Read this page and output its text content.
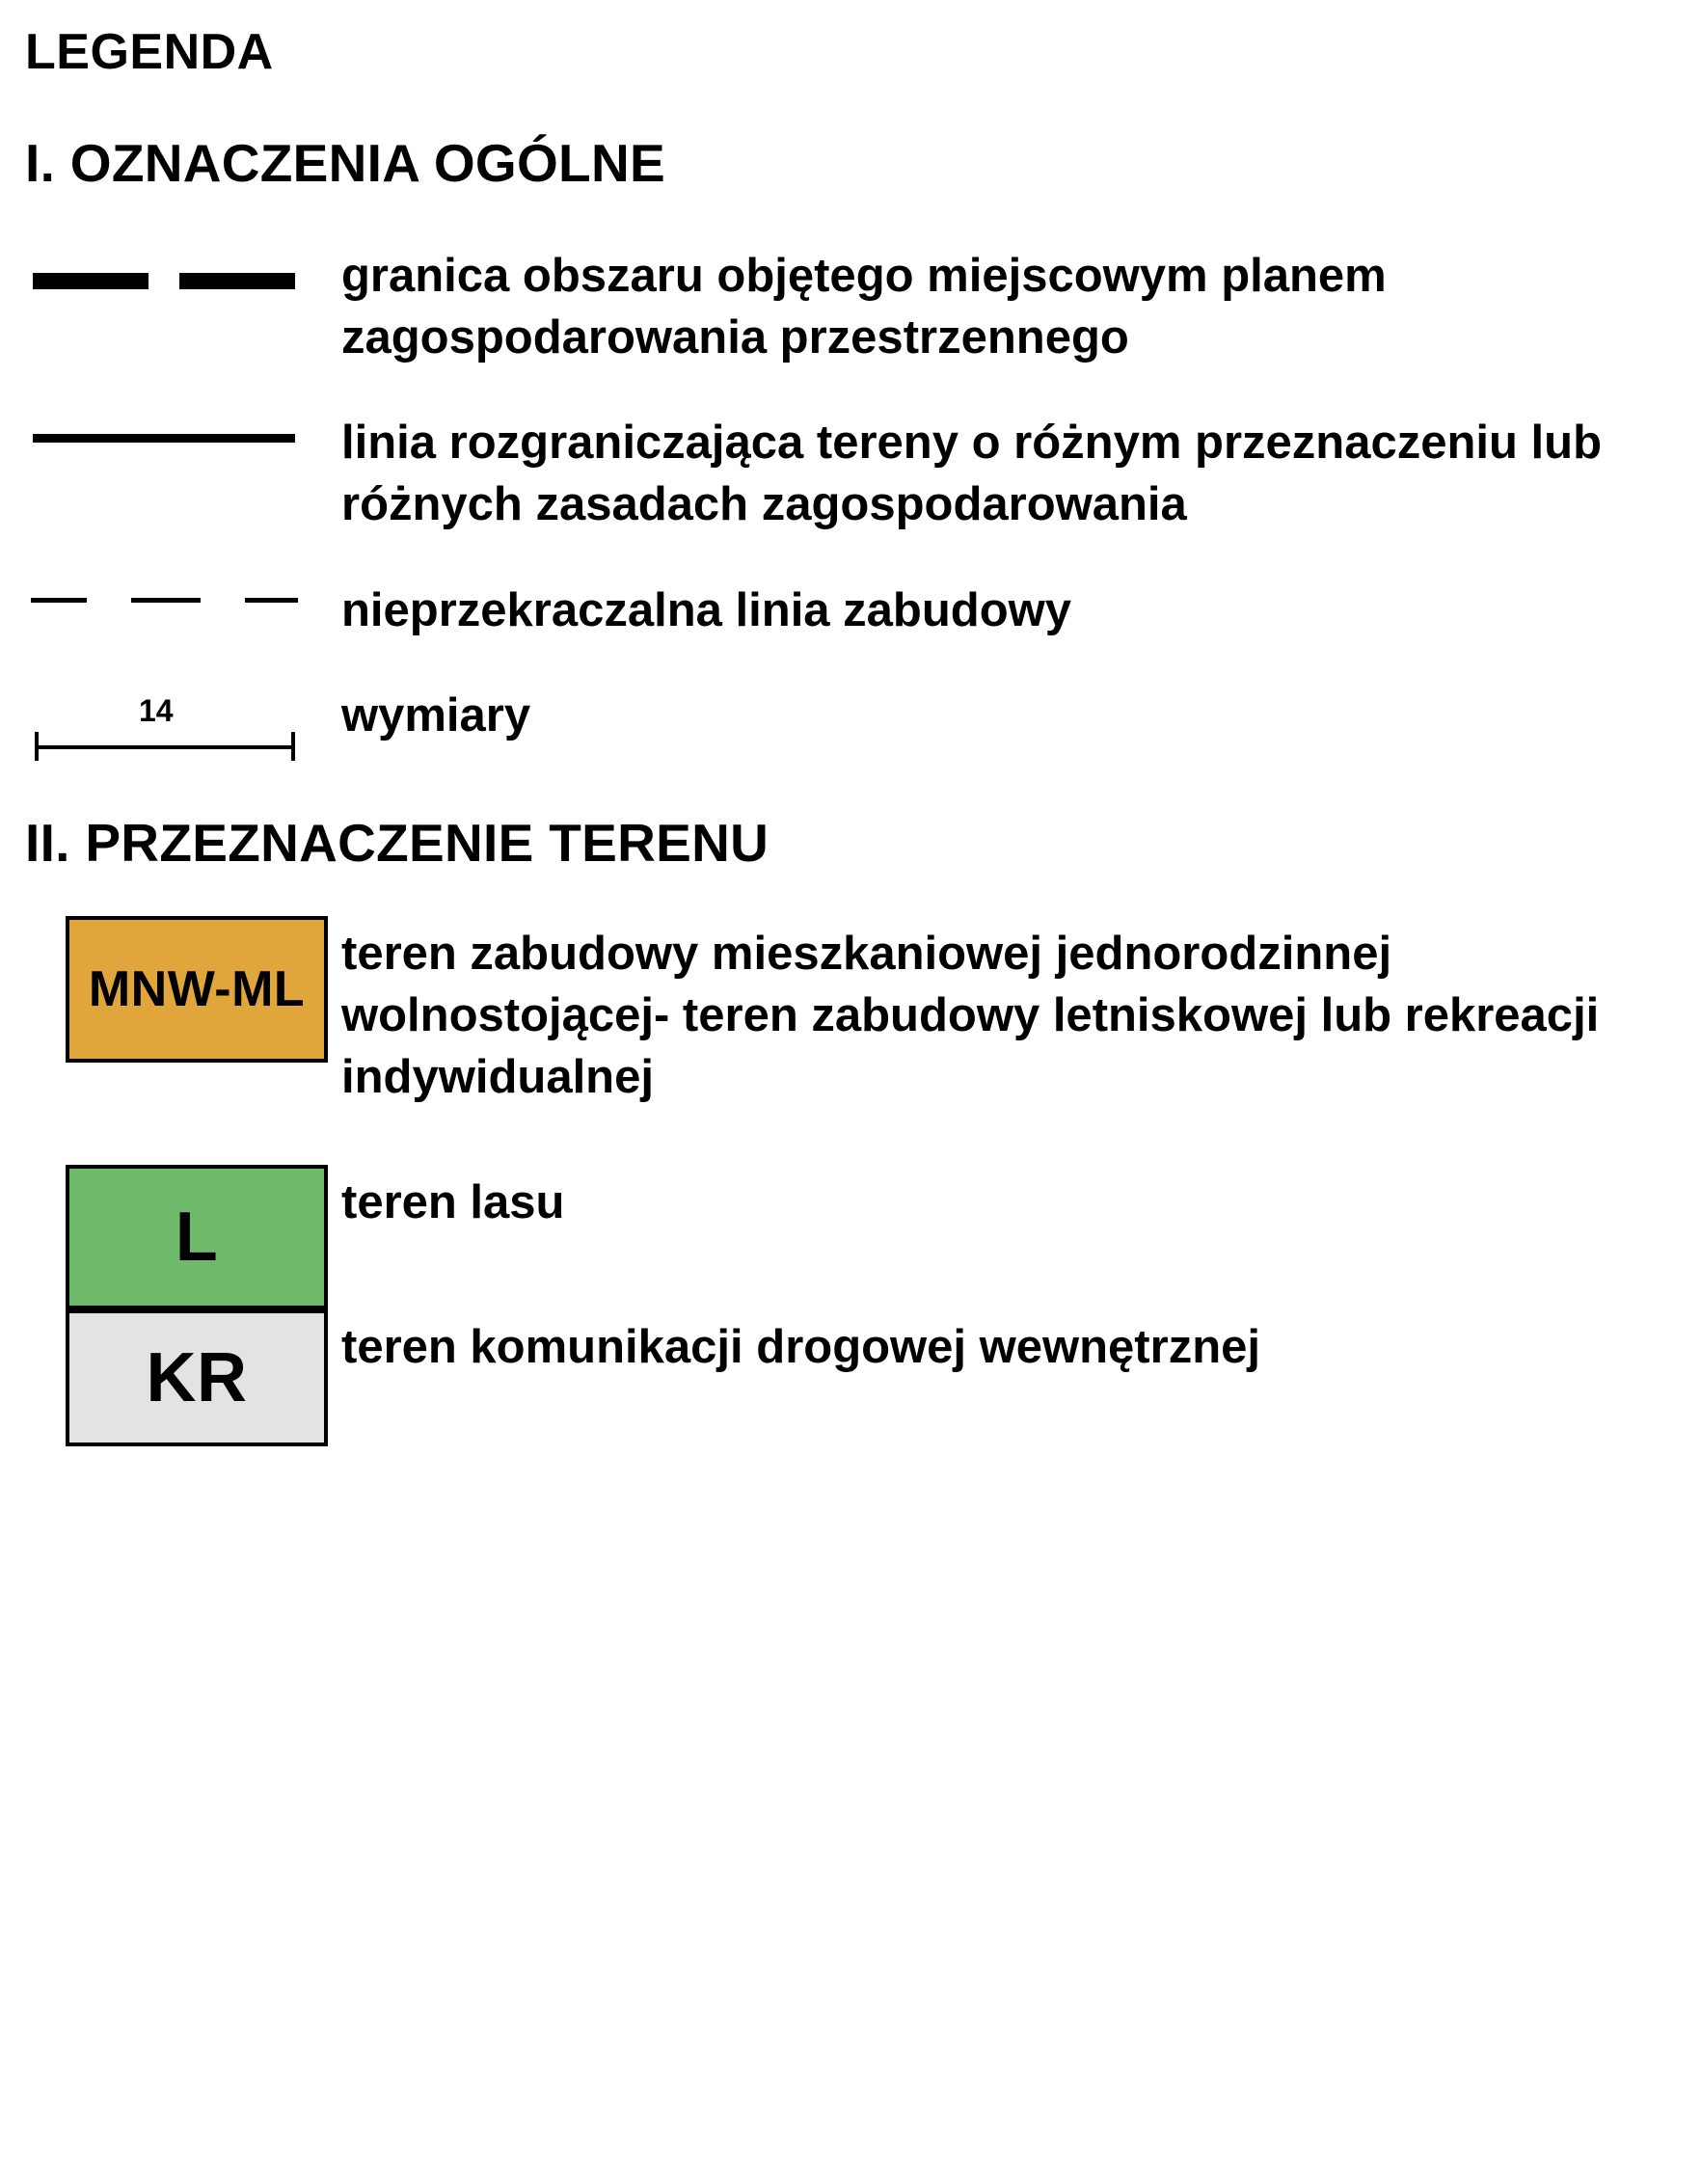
LEGENDA
I. OZNACZENIA OGÓLNE
granica obszaru objętego miejscowym planem zagospodarowania przestrzennego
linia rozgraniczająca tereny o różnym przeznaczeniu lub różnych zasadach zagospodarowania
nieprzekraczalna linia zabudowy
14	wymiary
II. PRZEZNACZENIE TERENU
MNW-ML
teren zabudowy mieszkaniowej jednorodzinnej wolnostojącej- teren zabudowy letniskowej lub rekreacji indywidualnej
L	teren lasu
KR teren komunikacji drogowej wewnętrznej
